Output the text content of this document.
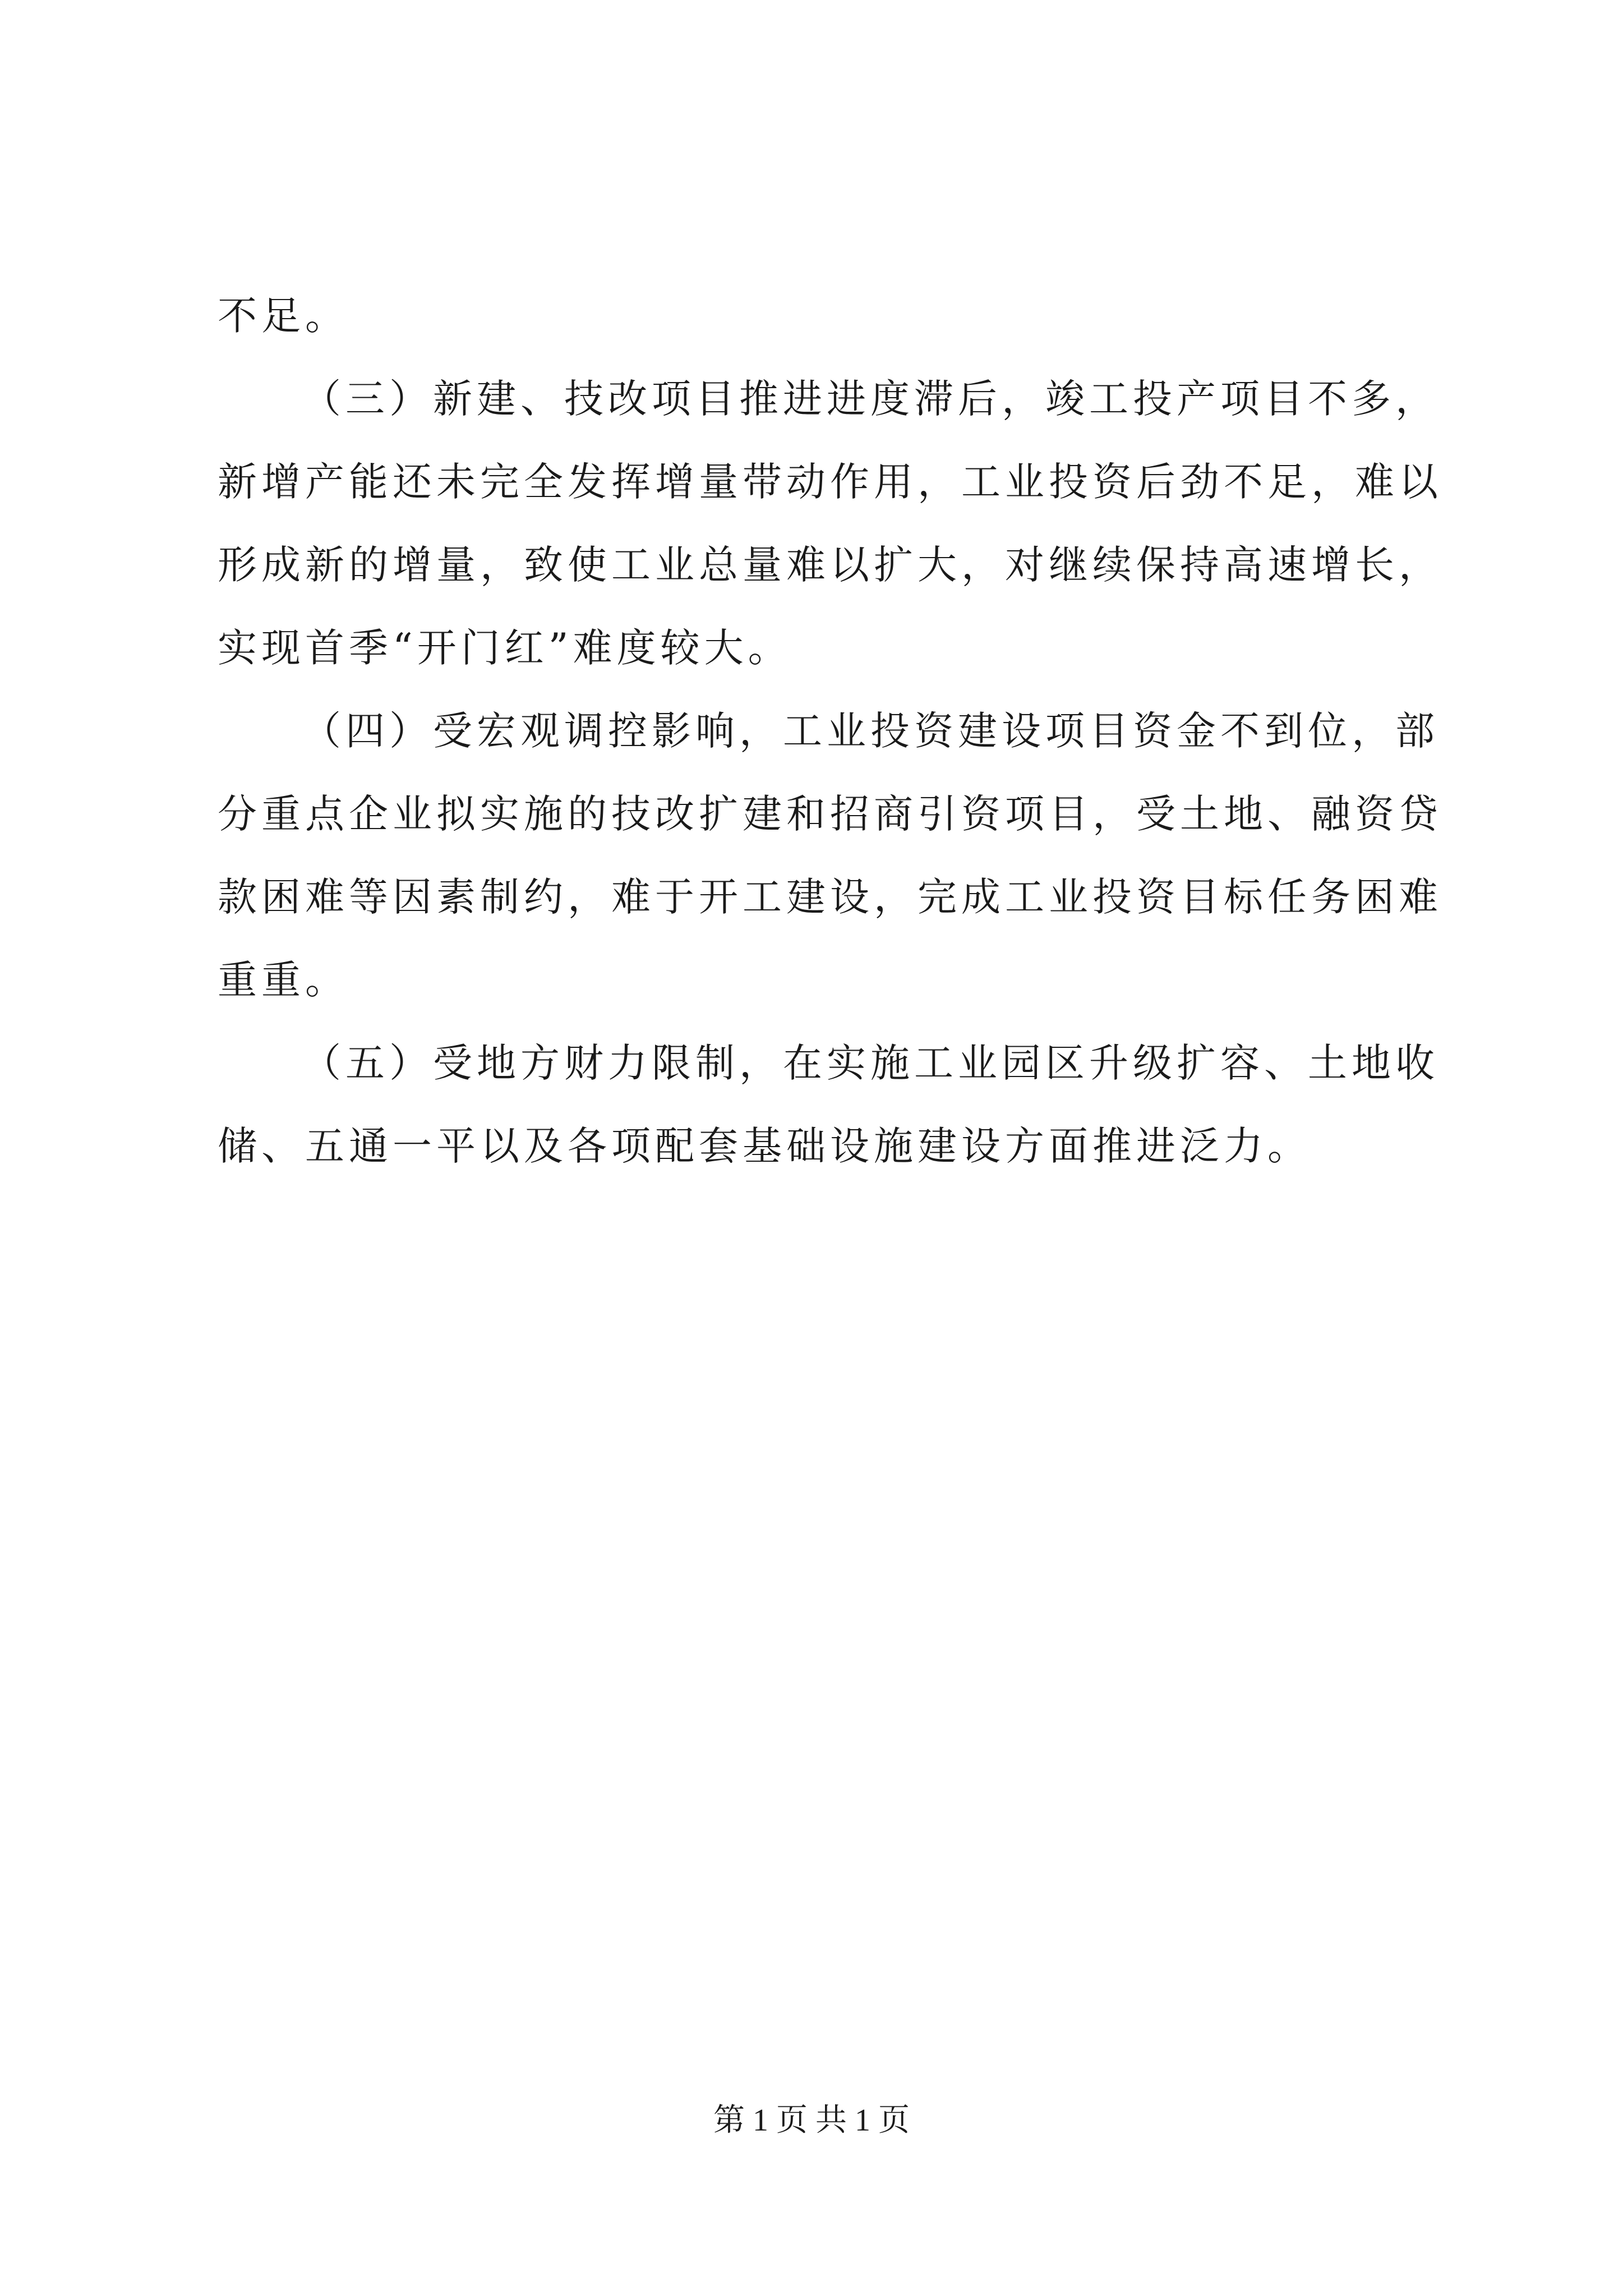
不足。
（三）新建、技改项目推进进度滞后，竣工投产项目不多，
新增产能还未完全发挥增量带动作用，工业投资后劲不足，难以
形成新的增量，致使工业总量难以扩大，对继续保持高速增长，
实现首季“开门红”难度较大。
（四）受宏观调控影响，工业投资建设项目资金不到位，部
分重点企业拟实施的技改扩建和招商引资项目，受土地、融资贷
款困难等因素制约，难于开工建设，完成工业投资目标任务困难
重重。
（五）受地方财力限制，在实施工业园区升级扩容、土地收
储、五通一平以及各项配套基础设施建设方面推进泛力。
第 1 页 共 1 页
